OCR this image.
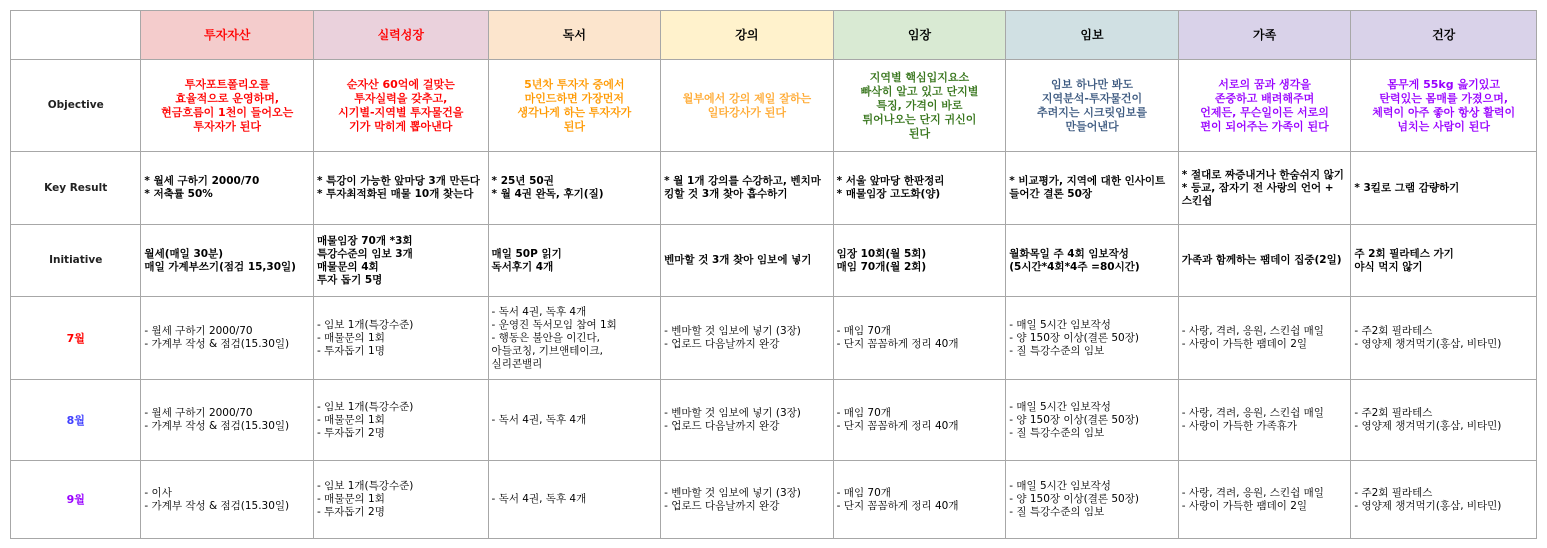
	투자자산	실력성장	독서	강의	임장	임보	가족	건강
Objective	투자포트폴리오를
효율적으로 운영하며,
현금흐름이 1천이 들어오는
투자자가 된다	순자산 60억에 걸맞는
투자실력을 갖추고,
시기별-지역별 투자물건을
기가 막히게 뽑아낸다	5년차 투자자 중에서
마인드하면 가장먼저
생각나게 하는 투자자가
된다	월부에서 강의 제일 잘하는
일타강사가 된다	지역별 핵심입지요소
빠삭히 알고 있고 단지별
특징, 가격이 바로
튀어나오는 단지 귀신이
된다	임보 하나만 봐도
지역분석-투자물건이
추려지는 시크릿임보를
만들어낸다	서로의 꿈과 생각을
존중하고 배려해주며
언제든, 무슨일이든 서로의
편이 되어주는 가족이 된다	몸무게 55kg 읊기있고
탄력있는 몸매를 가졌으며,
체력이 아주 좋아 항상 활력이
넘치는 사람이 된다

Key Result	* 월세 구하기 2000/70
* 저축률 50%	* 특강이 가능한 앞마당 3개 만든다
* 투자최적화된 매물 10개 찾는다	* 25년 50권
* 월 4권 완독, 후기(질)	* 월 1개 강의를 수강하고, 벤치마킹할 것 3개 찾아 흡수하기	* 서울 앞마당 한판정리
* 매물임장 고도화(양)	* 비교평가, 지역에 대한 인사이트 들어간 결론 50장	* 절대로 짜증내거나 한숨쉬지 않기
* 등교, 잠자기 전 사랑의 언어 + 스킨쉽	* 3킬로 그램 감량하기

Initiative	월세(매일 30분)
매일 가계부쓰기(점검 15,30일)	매물임장 70개 *3회
특강수준의 임보 3개
매물문의 4회
투자 돕기 5명	매일 50P 읽기
독서후기 4개	벤마할 것 3개 찾아 임보에 넣기	임장 10회(월 5회)
매임 70개(월 2회)	월화목일 주 4회 임보작성
(5시간*4회*4주 =80시간)	가족과 함께하는 팸데이 집중(2일)	주 2회 필라테스 가기
야식 먹지 않기

7월	- 월세 구하기 2000/70
- 가계부 작성 & 점검(15.30일)	- 임보 1개(특강수준)
- 매물문의 1회
- 투자돕기 1명	- 독서 4권, 독후 4개
- 운영진 독서모임 참여 1회
- 행동은 불안을 이긴다,
아들코칭, 기브앤테이크,
실리콘밸리	- 벤마할 것 임보에 넣기 (3장)
- 업로드 다음날까지 완강	- 매임 70개
- 단지 꼼꼼하게 정리 40개	- 매일 5시간 임보작성
- 양 150장 이상(결론 50장)
- 질 특강수준의 임보	- 사랑, 격려, 응원, 스킨쉽 매일
- 사랑이 가득한 팸데이 2일	- 주2회 필라테스
- 영양제 챙겨먹기(홍삼, 비타민)

8월	- 월세 구하기 2000/70
- 가계부 작성 & 점검(15.30일)	- 임보 1개(특강수준)
- 매물문의 1회
- 투자돕기 2명	- 독서 4권, 독후 4개	- 벤마할 것 임보에 넣기 (3장)
- 업로드 다음날까지 완강	- 매임 70개
- 단지 꼼꼼하게 정리 40개	- 매일 5시간 임보작성
- 양 150장 이상(결론 50장)
- 질 특강수준의 임보	- 사랑, 격려, 응원, 스킨쉽 매일
- 사랑이 가득한 가족휴가	- 주2회 필라테스
- 영양제 챙겨먹기(홍삼, 비타민)

9월	- 이사
- 가계부 작성 & 점검(15.30일)	- 임보 1개(특강수준)
- 매물문의 1회
- 투자돕기 2명	- 독서 4권, 독후 4개	- 벤마할 것 임보에 넣기 (3장)
- 업로드 다음날까지 완강	- 매임 70개
- 단지 꼼꼼하게 정리 40개	- 매일 5시간 임보작성
- 양 150장 이상(결론 50장)
- 질 특강수준의 임보	- 사랑, 격려, 응원, 스킨쉽 매일
- 사랑이 가득한 팸데이 2일	- 주2회 필라테스
- 영양제 챙겨먹기(홍삼, 비타민)
